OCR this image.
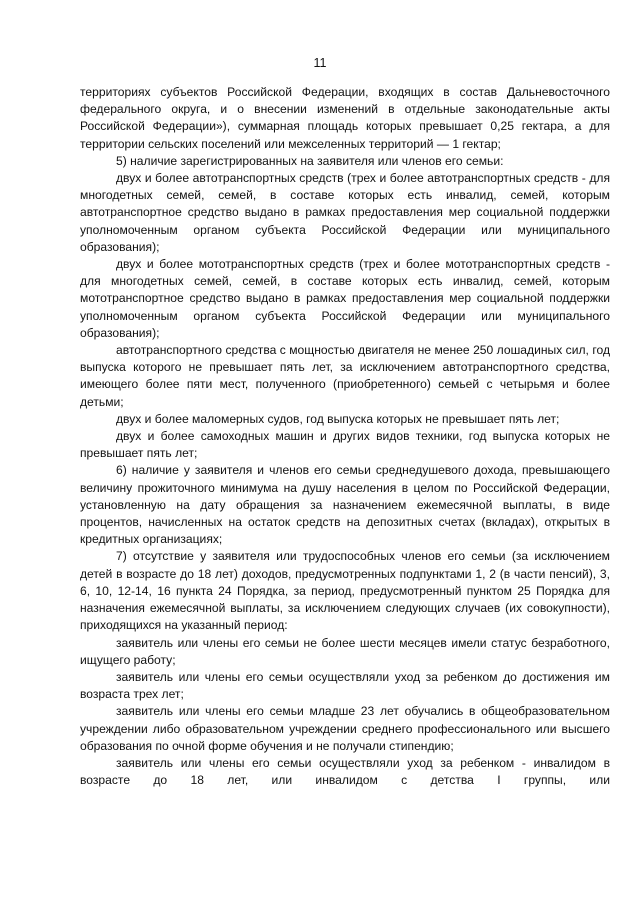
11

территориях субъектов Российской Федерации, входящих в состав Дальневосточного федерального округа, и о внесении изменений в отдельные законодательные акты Российской Федерации»), суммарная площадь которых превышает 0,25 гектара, а для территории сельских поселений или межселенных территорий — 1 гектар;

5) наличие зарегистрированных на заявителя или членов его семьи:

двух и более автотранспортных средств (трех и более автотранспортных средств - для многодетных семей, семей, в составе которых есть инвалид, семей, которым автотранспортное средство выдано в рамках предоставления мер социальной поддержки уполномоченным органом субъекта Российской Федерации или муниципального образования);

двух и более мототранспортных средств (трех и более мототранспортных средств - для многодетных семей, семей, в составе которых есть инвалид, семей, которым мототранспортное средство выдано в рамках предоставления мер социальной поддержки уполномоченным органом субъекта Российской Федерации или муниципального образования);

автотранспортного средства с мощностью двигателя не менее 250 лошадиных сил, год выпуска которого не превышает пять лет, за исключением автотранспортного средства, имеющего более пяти мест, полученного (приобретенного) семьей с четырьмя и более детьми;

двух и более маломерных судов, год выпуска которых не превышает пять лет;

двух и более самоходных машин и других видов техники, год выпуска которых не превышает пять лет;

6) наличие у заявителя и членов его семьи среднедушевого дохода, превышающего величину прожиточного минимума на душу населения в целом по Российской Федерации, установленную на дату обращения за назначением ежемесячной выплаты, в виде процентов, начисленных на остаток средств на депозитных счетах (вкладах), открытых в кредитных организациях;

7) отсутствие у заявителя или трудоспособных членов его семьи (за исключением детей в возрасте до 18 лет) доходов, предусмотренных подпунктами 1, 2 (в части пенсий), 3, 6, 10, 12-14, 16 пункта 24 Порядка, за период, предусмотренный пунктом 25 Порядка для назначения ежемесячной выплаты, за исключением следующих случаев (их совокупности), приходящихся на указанный период:

заявитель или члены его семьи не более шести месяцев имели статус безработного, ищущего работу;

заявитель или члены его семьи осуществляли уход за ребенком до достижения им возраста трех лет;

заявитель или члены его семьи младше 23 лет обучались в общеобразовательном учреждении либо образовательном учреждении среднего профессионального или высшего образования по очной форме обучения и не получали стипендию;

заявитель или члены его семьи осуществляли уход за ребенком - инвалидом в возрасте до 18 лет, или инвалидом с детства I группы, или
